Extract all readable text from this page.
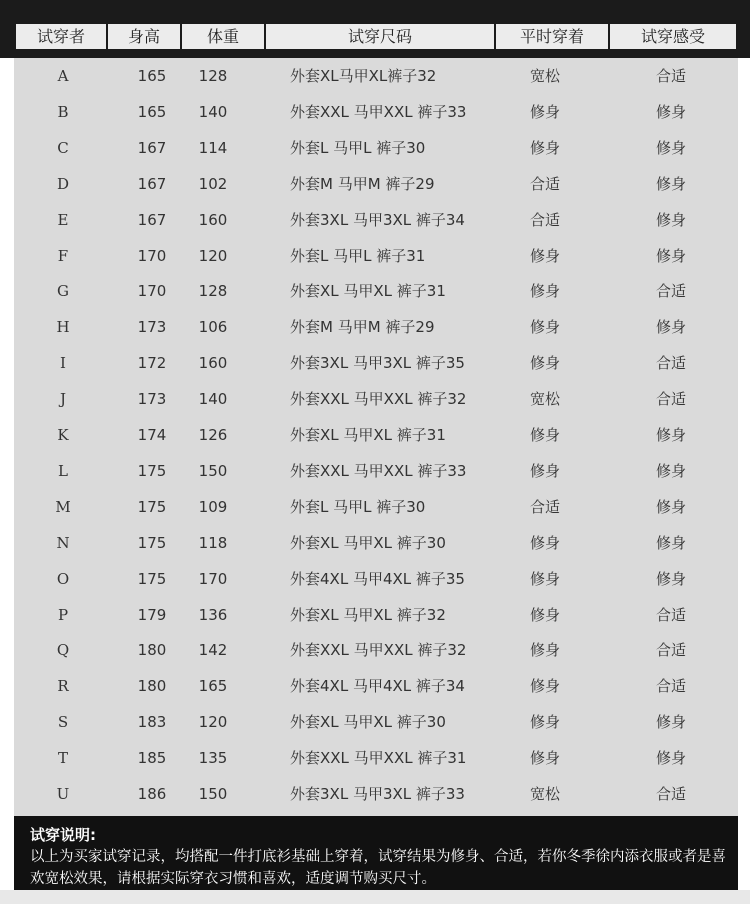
试穿者	身高	体重	试穿尺码	平时穿着	试穿感受
A	165	128	外套XL马甲XL裤子32	宽松	合适
B	165	140	外套XXL 马甲XXL 裤子33	修身	修身
C	167	114	外套L 马甲L 裤子30	修身	修身
D	167	102	外套M 马甲M 裤子29	合适	修身
E	167	160	外套3XL 马甲3XL 裤子34	合适	修身
F	170	120	外套L 马甲L 裤子31	修身	修身
G	170	128	外套XL 马甲XL 裤子31	修身	合适
H	173	106	外套M 马甲M 裤子29	修身	修身
I	172	160	外套3XL 马甲3XL 裤子35	修身	合适
J	173	140	外套XXL 马甲XXL 裤子32	宽松	合适
K	174	126	外套XL 马甲XL 裤子31	修身	修身
L	175	150	外套XXL 马甲XXL 裤子33	修身	修身
M	175	109	外套L 马甲L 裤子30	合适	修身
N	175	118	外套XL 马甲XL 裤子30	修身	修身
O	175	170	外套4XL 马甲4XL 裤子35	修身	修身
P	179	136	外套XL 马甲XL 裤子32	修身	合适
Q	180	142	外套XXL 马甲XXL 裤子32	修身	合适
R	180	165	外套4XL 马甲4XL 裤子34	修身	合适
S	183	120	外套XL 马甲XL 裤子30	修身	修身
T	185	135	外套XXL 马甲XXL 裤子31	修身	修身
U	186	150	外套3XL 马甲3XL 裤子33	宽松	合适
试穿说明:
以上为买家试穿记录，均搭配一件打底衫基础上穿着，试穿结果为修身、合适，若你冬季徐内添衣服或者是喜欢宽松效果，请根据实际穿衣习惯和喜欢，适度调节购买尺寸。
